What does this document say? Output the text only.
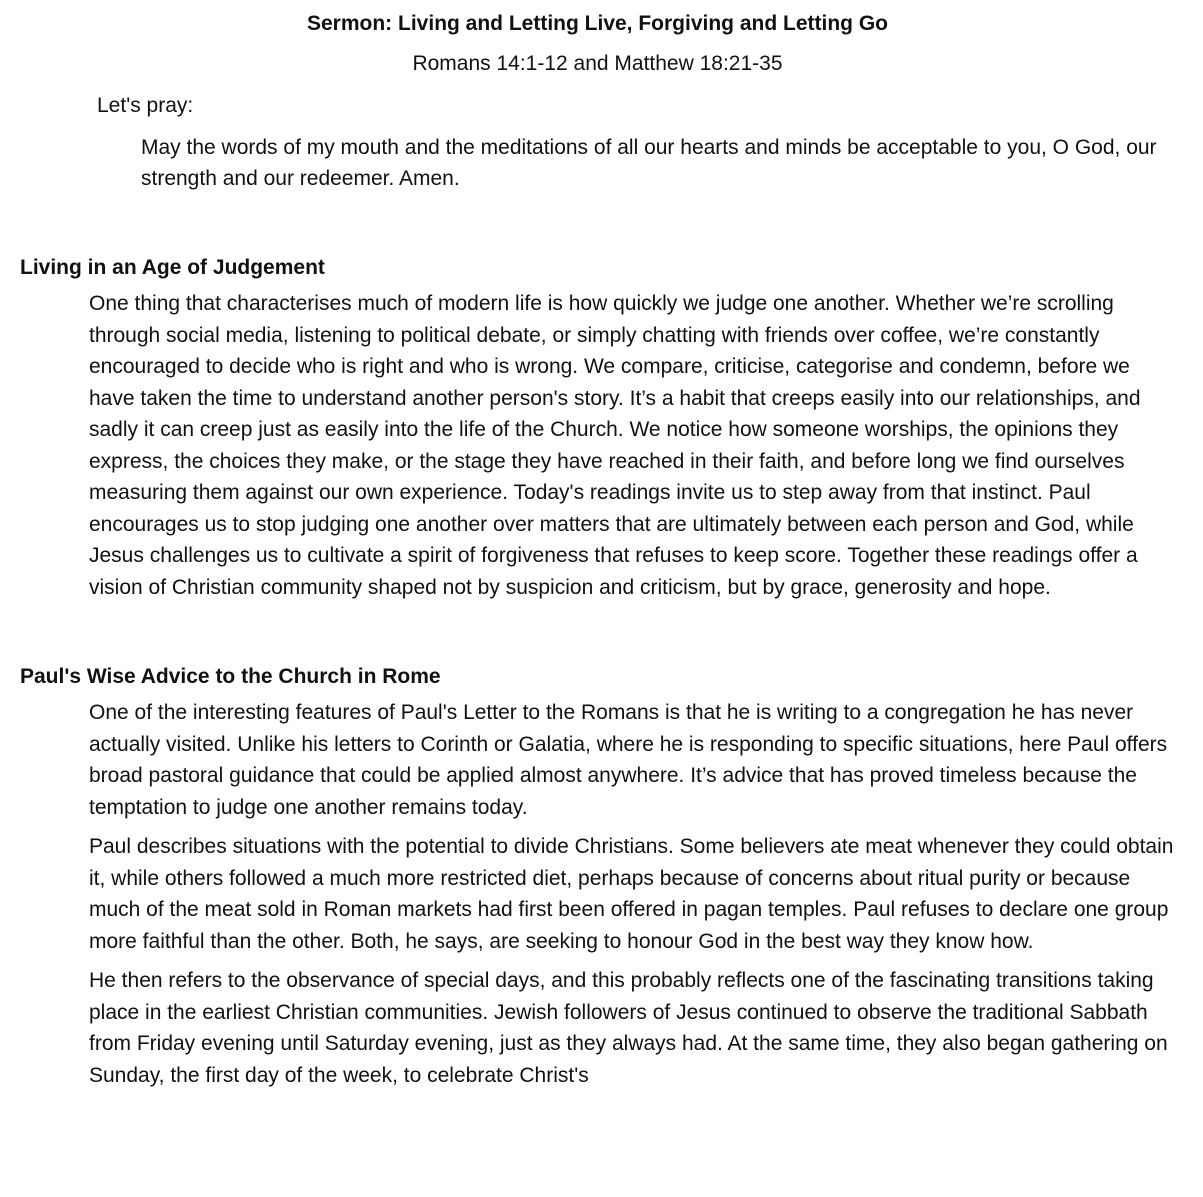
Sermon: Living and Letting Live, Forgiving and Letting Go
Romans 14:1-12 and Matthew 18:21-35
Let's pray:
May the words of my mouth and the meditations of all our hearts and minds be acceptable to you, O God, our strength and our redeemer. Amen.
Living in an Age of Judgement
One thing that characterises much of modern life is how quickly we judge one another. Whether we’re scrolling through social media, listening to political debate, or simply chatting with friends over coffee, we’re constantly encouraged to decide who is right and who is wrong. We compare, criticise, categorise and condemn, before we have taken the time to understand another person's story. It’s a habit that creeps easily into our relationships, and sadly it can creep just as easily into the life of the Church. We notice how someone worships, the opinions they express, the choices they make, or the stage they have reached in their faith, and before long we find ourselves measuring them against our own experience. Today's readings invite us to step away from that instinct. Paul encourages us to stop judging one another over matters that are ultimately between each person and God, while Jesus challenges us to cultivate a spirit of forgiveness that refuses to keep score. Together these readings offer a vision of Christian community shaped not by suspicion and criticism, but by grace, generosity and hope.
Paul's Wise Advice to the Church in Rome
One of the interesting features of Paul's Letter to the Romans is that he is writing to a congregation he has never actually visited. Unlike his letters to Corinth or Galatia, where he is responding to specific situations, here Paul offers broad pastoral guidance that could be applied almost anywhere. It’s advice that has proved timeless because the temptation to judge one another remains today.
Paul describes situations with the potential to divide Christians. Some believers ate meat whenever they could obtain it, while others followed a much more restricted diet, perhaps because of concerns about ritual purity or because much of the meat sold in Roman markets had first been offered in pagan temples. Paul refuses to declare one group more faithful than the other. Both, he says, are seeking to honour God in the best way they know how.
He then refers to the observance of special days, and this probably reflects one of the fascinating transitions taking place in the earliest Christian communities. Jewish followers of Jesus continued to observe the traditional Sabbath from Friday evening until Saturday evening, just as they always had. At the same time, they also began gathering on Sunday, the first day of the week, to celebrate Christ's
